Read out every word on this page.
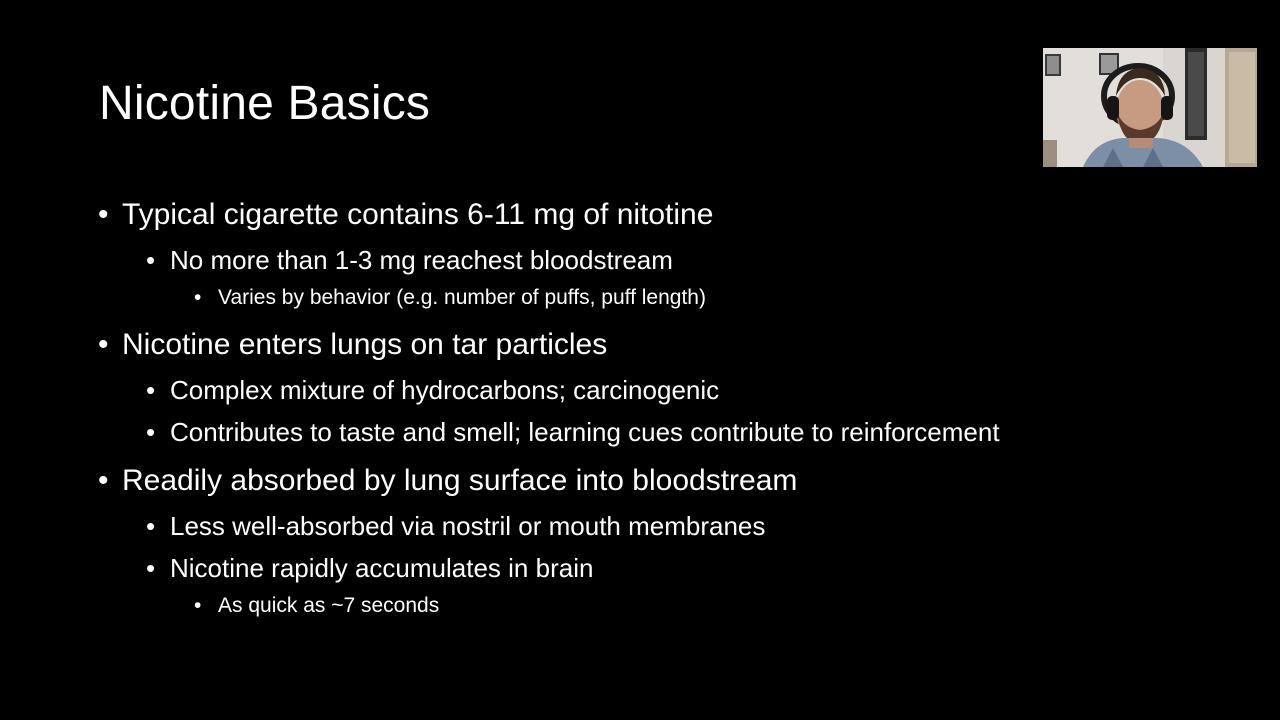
Nicotine Basics
• Typical cigarette contains 6-11 mg of nitotine
• No more than 1-3 mg reachest bloodstream
• Varies by behavior (e.g. number of puffs, puff length)
• Nicotine enters lungs on tar particles
• Complex mixture of hydrocarbons; carcinogenic
• Contributes to taste and smell; learning cues contribute to reinforcement
• Readily absorbed by lung surface into bloodstream
• Less well-absorbed via nostril or mouth membranes
• Nicotine rapidly accumulates in brain
• As quick as ~7 seconds
